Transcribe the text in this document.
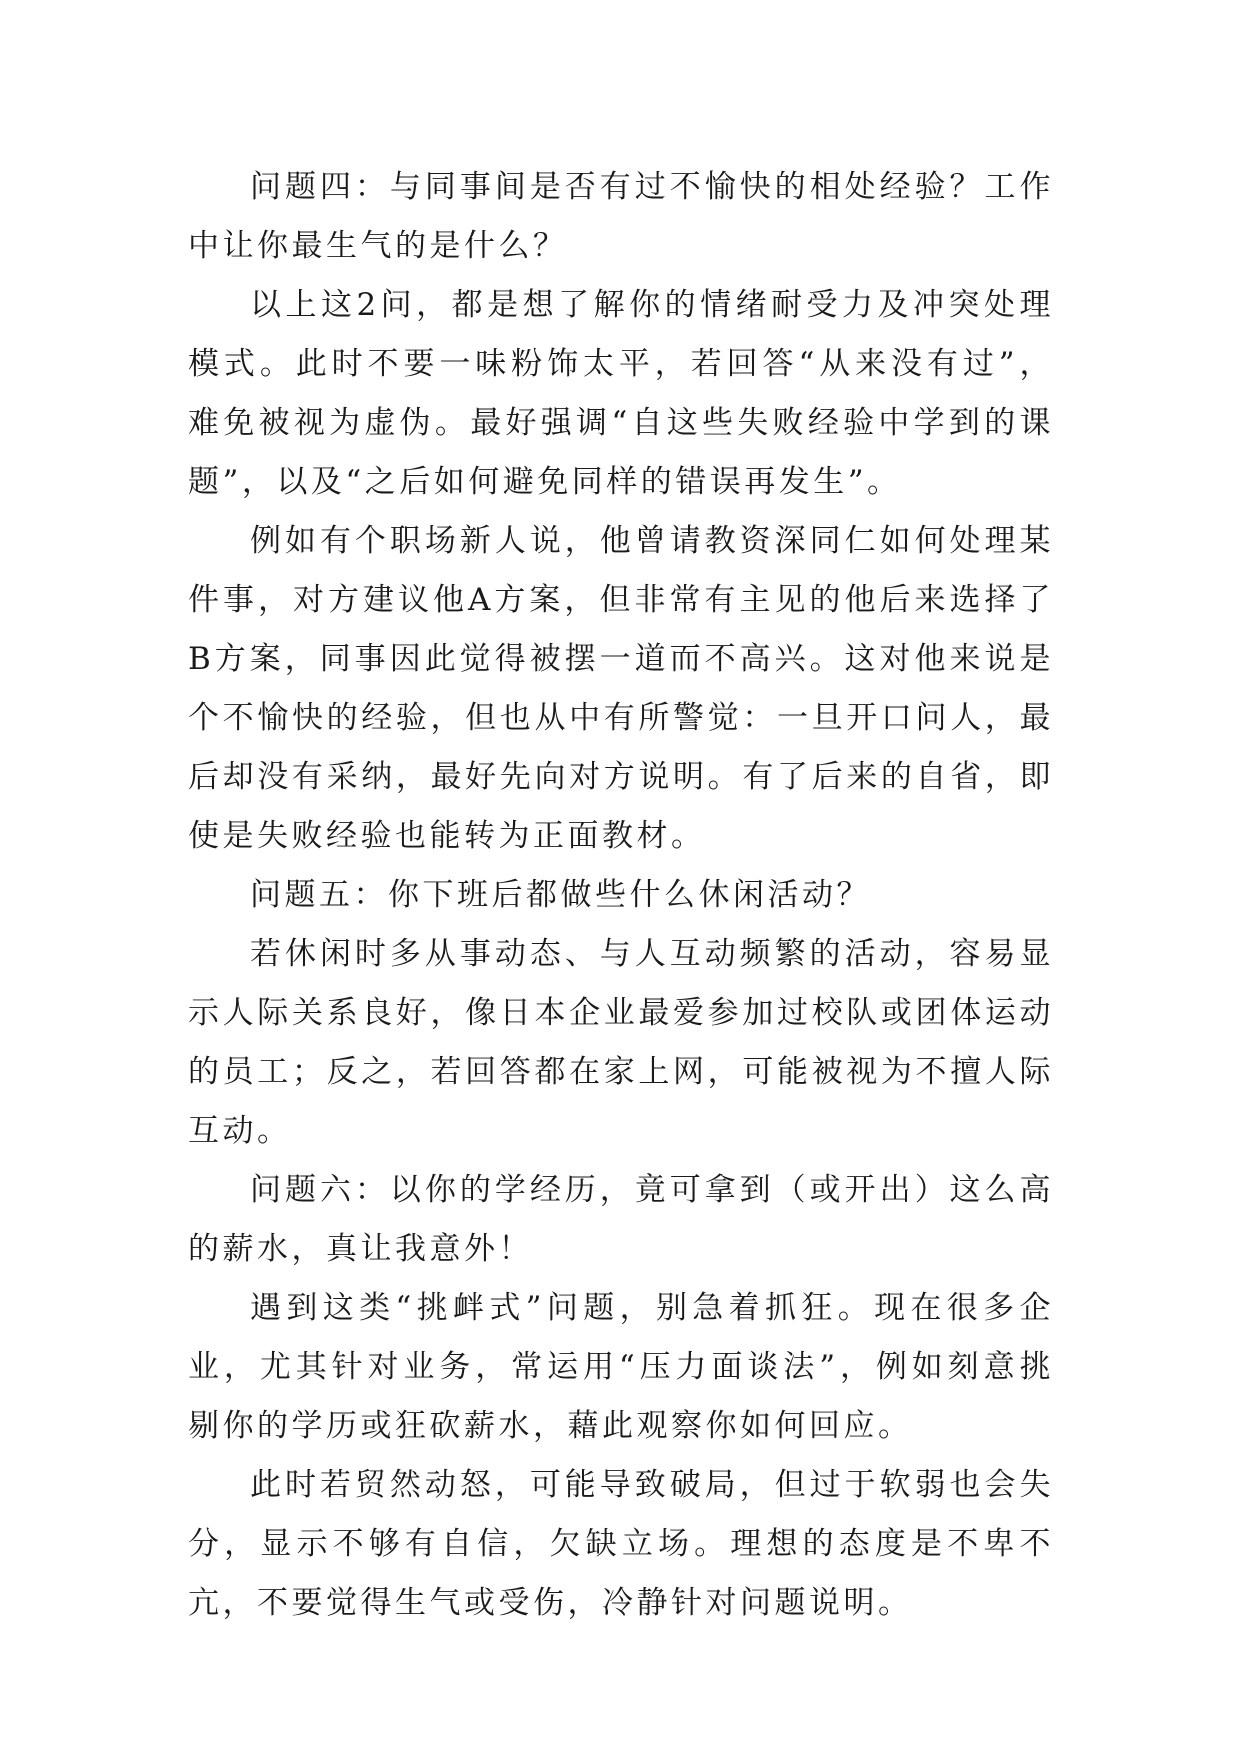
问题四：与同事间是否有过不愉快的相处经验？工作中让你最生气的是什么？

以上这2问，都是想了解你的情绪耐受力及冲突处理模式。此时不要一味粉饰太平，若回答“从来没有过”，难免被视为虚伪。最好强调“自这些失败经验中学到的课题”，以及“之后如何避免同样的错误再发生”。

例如有个职场新人说，他曾请教资深同仁如何处理某件事，对方建议他A方案，但非常有主见的他后来选择了B方案，同事因此觉得被摆一道而不高兴。这对他来说是个不愉快的经验，但也从中有所警觉：一旦开口问人，最后却没有采纳，最好先向对方说明。有了后来的自省，即使是失败经验也能转为正面教材。

问题五：你下班后都做些什么休闲活动？

若休闲时多从事动态、与人互动频繁的活动，容易显示人际关系良好，像日本企业最爱参加过校队或团体运动的员工；反之，若回答都在家上网，可能被视为不擅人际互动。

问题六：以你的学经历，竟可拿到（或开出）这么高的薪水，真让我意外！

遇到这类“挑衅式”问题，别急着抓狂。现在很多企业，尤其针对业务，常运用“压力面谈法”，例如刻意挑剔你的学历或狂砍薪水，藉此观察你如何回应。

此时若贸然动怒，可能导致破局，但过于软弱也会失分，显示不够有自信，欠缺立场。理想的态度是不卑不亢，不要觉得生气或受伤，冷静针对问题说明。
